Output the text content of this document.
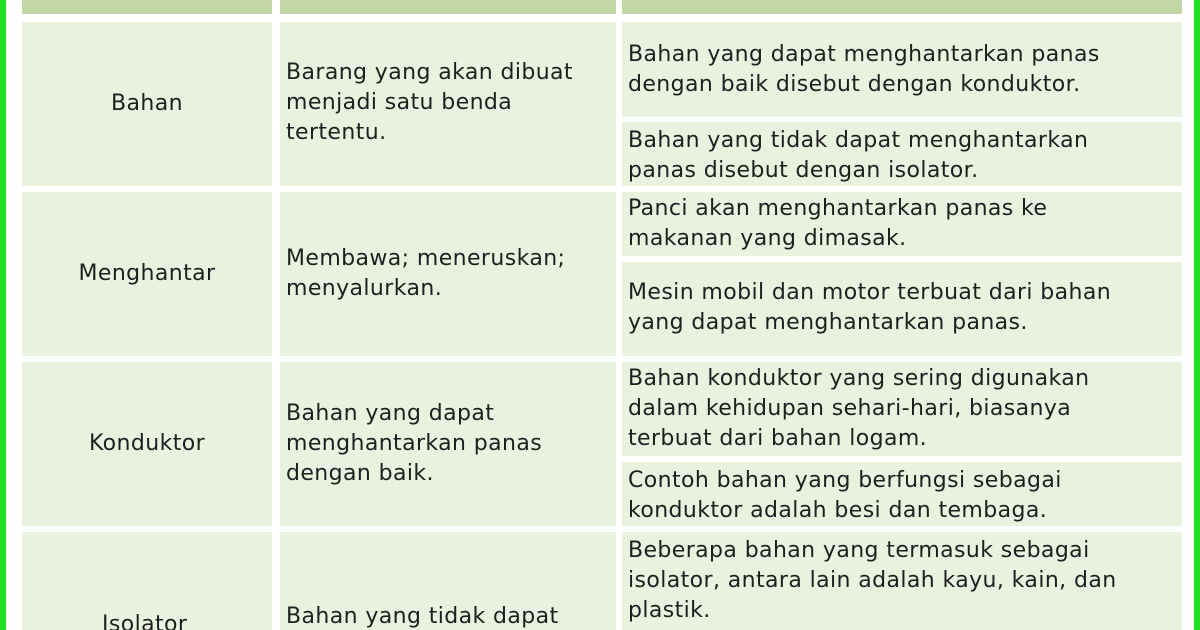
Bahan
Barang yang akan dibuat
menjadi satu benda
tertentu.
Bahan yang dapat menghantarkan panas
dengan baik disebut dengan konduktor.
Bahan yang tidak dapat menghantarkan
panas disebut dengan isolator.
Menghantar
Membawa; meneruskan;
menyalurkan.
Panci akan menghantarkan panas ke
makanan yang dimasak.
Mesin mobil dan motor terbuat dari bahan
yang dapat menghantarkan panas.
Konduktor
Bahan yang dapat
menghantarkan panas
dengan baik.
Bahan konduktor yang sering digunakan
dalam kehidupan sehari-hari, biasanya
terbuat dari bahan logam.
Contoh bahan yang berfungsi sebagai
konduktor adalah besi dan tembaga.
Isolator	Bahan yang tidak dapat
Beberapa bahan yang termasuk sebagai
isolator, antara lain adalah kayu, kain, dan
plastik.
